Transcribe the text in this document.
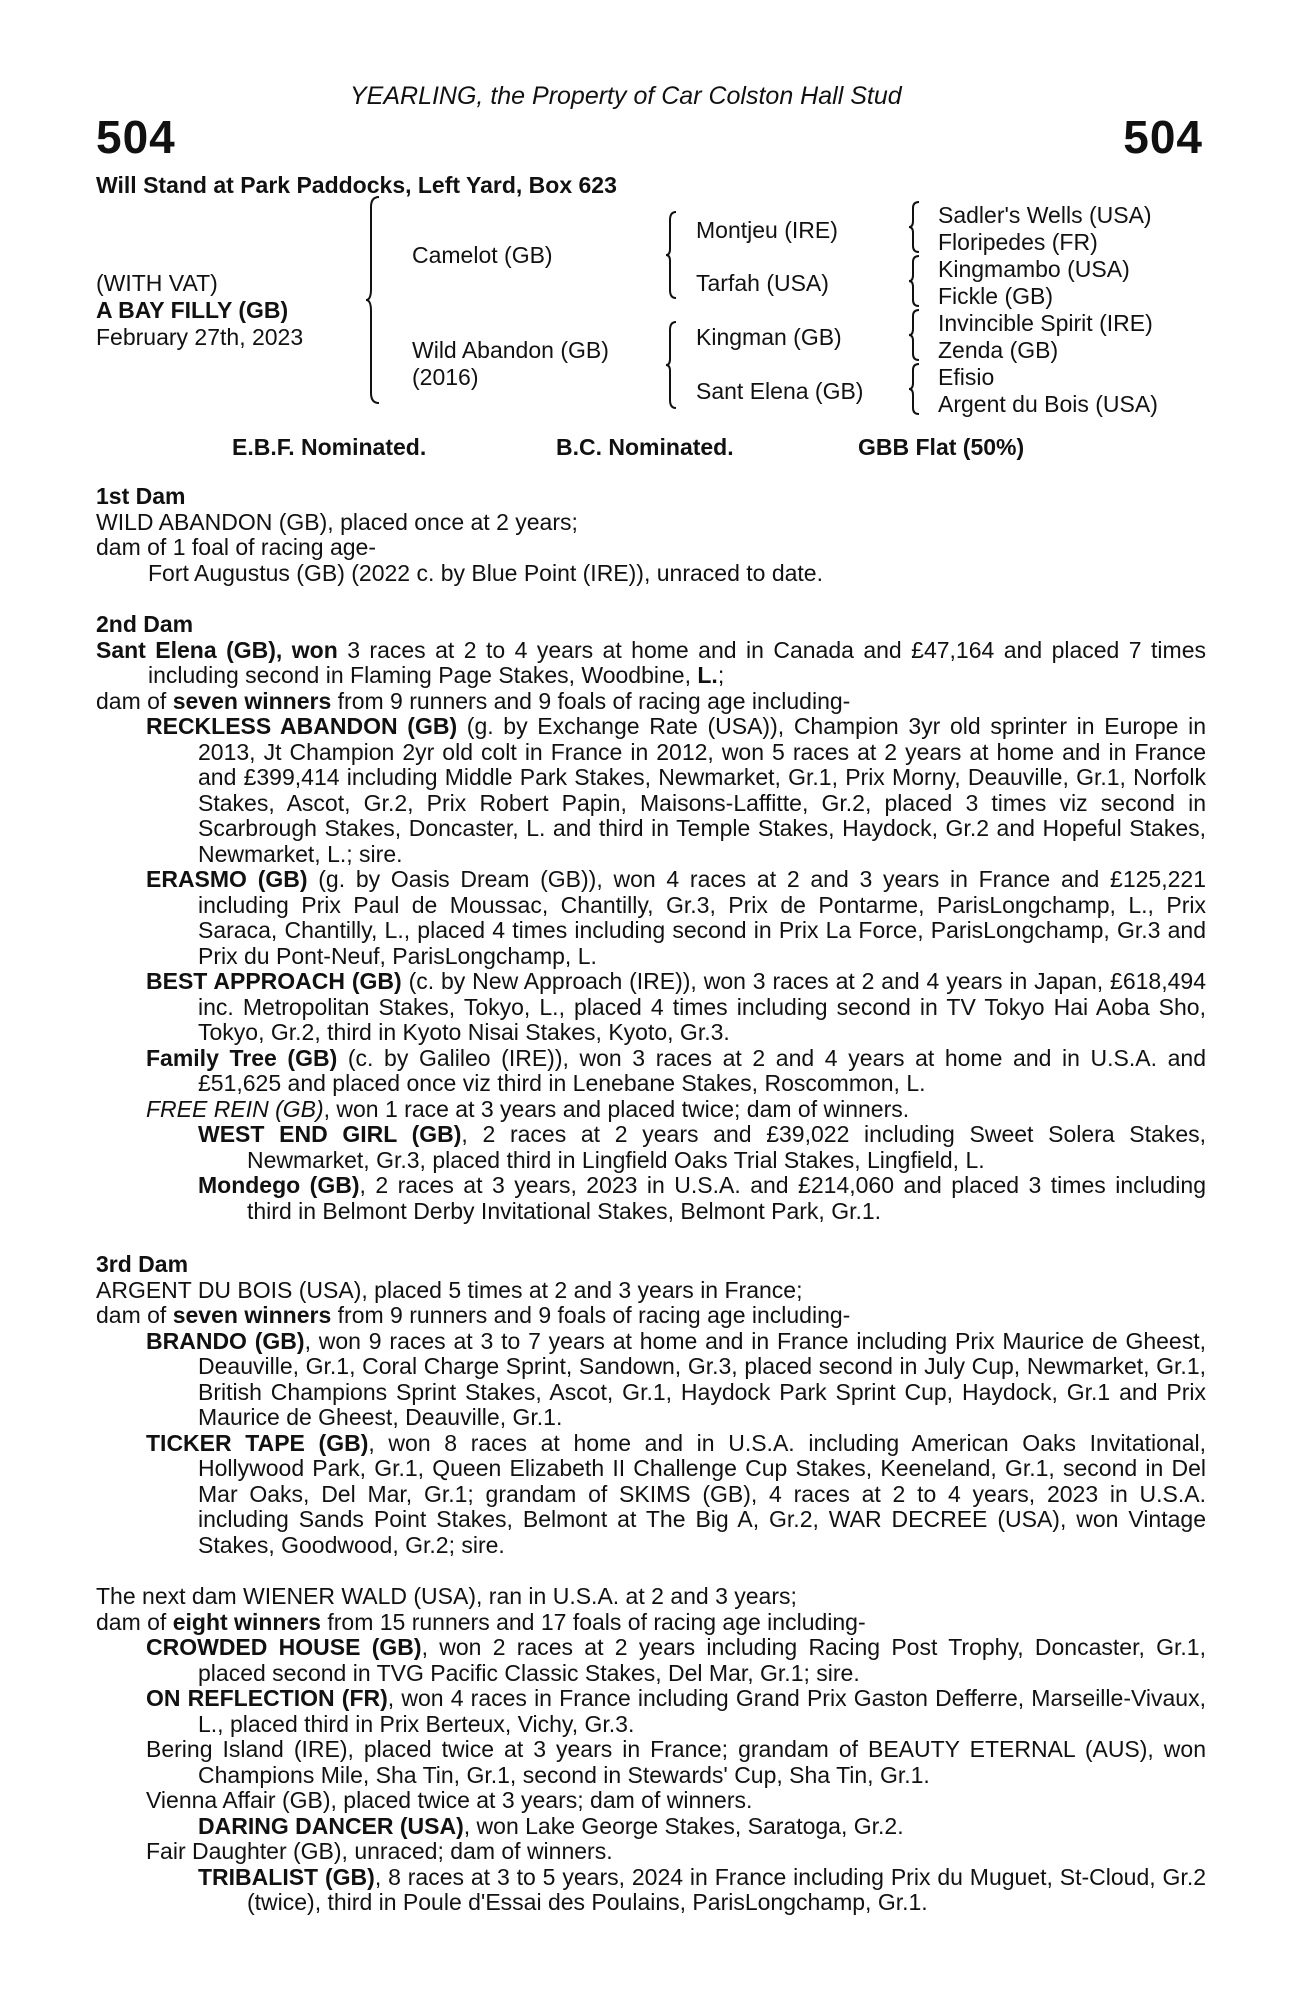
YEARLING, the Property of Car Colston Hall Stud
504	504
Will Stand at Park Paddocks, Left Yard, Box 623
(WITH VAT)
A BAY FILLY (GB)
February 27th, 2023
Camelot (GB)
Wild Abandon (GB)
(2016)
Montjeu (IRE)
Tarfah (USA)
Kingman (GB)
Sant Elena (GB)
Sadler's Wells (USA)
Floripedes (FR)
Kingmambo (USA)
Fickle (GB)
Invincible Spirit (IRE)
Zenda (GB)
Efisio
Argent du Bois (USA)
E.B.F. Nominated.	B.C. Nominated.	GBB Flat (50%)

1st Dam

WILD ABANDON (GB), placed once at 2 years;

dam of 1 foal of racing age-

Fort Augustus (GB) (2022 c. by Blue Point (IRE)), unraced to date.

2nd Dam

Sant Elena (GB), won 3 races at 2 to 4 years at home and in Canada and £47,164 and placed 7 times including second in Flaming Page Stakes, Woodbine, L.;

dam of seven winners from 9 runners and 9 foals of racing age including-

RECKLESS ABANDON (GB) (g. by Exchange Rate (USA)), Champion 3yr old sprinter in Europe in 2013, Jt Champion 2yr old colt in France in 2012, won 5 races at 2 years at home and in France and £399,414 including Middle Park Stakes, Newmarket, Gr.1, Prix Morny, Deauville, Gr.1, Norfolk Stakes, Ascot, Gr.2, Prix Robert Papin, Maisons-Laffitte, Gr.2, placed 3 times viz second in Scarbrough Stakes, Doncaster, L. and third in Temple Stakes, Haydock, Gr.2 and Hopeful Stakes, Newmarket, L.; sire.

ERASMO (GB) (g. by Oasis Dream (GB)), won 4 races at 2 and 3 years in France and £125,221 including Prix Paul de Moussac, Chantilly, Gr.3, Prix de Pontarme, ParisLongchamp, L., Prix Saraca, Chantilly, L., placed 4 times including second in Prix La Force, ParisLongchamp, Gr.3 and Prix du Pont-Neuf, ParisLongchamp, L.

BEST APPROACH (GB) (c. by New Approach (IRE)), won 3 races at 2 and 4 years in Japan, £618,494 inc. Metropolitan Stakes, Tokyo, L., placed 4 times including second in TV Tokyo Hai Aoba Sho, Tokyo, Gr.2, third in Kyoto Nisai Stakes, Kyoto, Gr.3.

Family Tree (GB) (c. by Galileo (IRE)), won 3 races at 2 and 4 years at home and in U.S.A. and £51,625 and placed once viz third in Lenebane Stakes, Roscommon, L.

FREE REIN (GB), won 1 race at 3 years and placed twice; dam of winners.

WEST END GIRL (GB), 2 races at 2 years and £39,022 including Sweet Solera Stakes, Newmarket, Gr.3, placed third in Lingfield Oaks Trial Stakes, Lingfield, L.

Mondego (GB), 2 races at 3 years, 2023 in U.S.A. and £214,060 and placed 3 times including third in Belmont Derby Invitational Stakes, Belmont Park, Gr.1.

3rd Dam

ARGENT DU BOIS (USA), placed 5 times at 2 and 3 years in France;

dam of seven winners from 9 runners and 9 foals of racing age including-

BRANDO (GB), won 9 races at 3 to 7 years at home and in France including Prix Maurice de Gheest, Deauville, Gr.1, Coral Charge Sprint, Sandown, Gr.3, placed second in July Cup, Newmarket, Gr.1, British Champions Sprint Stakes, Ascot, Gr.1, Haydock Park Sprint Cup, Haydock, Gr.1 and Prix Maurice de Gheest, Deauville, Gr.1.

TICKER TAPE (GB), won 8 races at home and in U.S.A. including American Oaks Invitational, Hollywood Park, Gr.1, Queen Elizabeth II Challenge Cup Stakes, Keeneland, Gr.1, second in Del Mar Oaks, Del Mar, Gr.1; grandam of SKIMS (GB), 4 races at 2 to 4 years, 2023 in U.S.A. including Sands Point Stakes, Belmont at The Big A, Gr.2, WAR DECREE (USA), won Vintage Stakes, Goodwood, Gr.2; sire.

The next dam WIENER WALD (USA), ran in U.S.A. at 2 and 3 years;

dam of eight winners from 15 runners and 17 foals of racing age including-

CROWDED HOUSE (GB), won 2 races at 2 years including Racing Post Trophy, Doncaster, Gr.1, placed second in TVG Pacific Classic Stakes, Del Mar, Gr.1; sire.

ON REFLECTION (FR), won 4 races in France including Grand Prix Gaston Defferre, Marseille-Vivaux, L., placed third in Prix Berteux, Vichy, Gr.3.

Bering Island (IRE), placed twice at 3 years in France; grandam of BEAUTY ETERNAL (AUS), won Champions Mile, Sha Tin, Gr.1, second in Stewards' Cup, Sha Tin, Gr.1.

Vienna Affair (GB), placed twice at 3 years; dam of winners.

DARING DANCER (USA), won Lake George Stakes, Saratoga, Gr.2.

Fair Daughter (GB), unraced; dam of winners.

TRIBALIST (GB), 8 races at 3 to 5 years, 2024 in France including Prix du Muguet, St-Cloud, Gr.2 (twice), third in Poule d'Essai des Poulains, ParisLongchamp, Gr.1.
